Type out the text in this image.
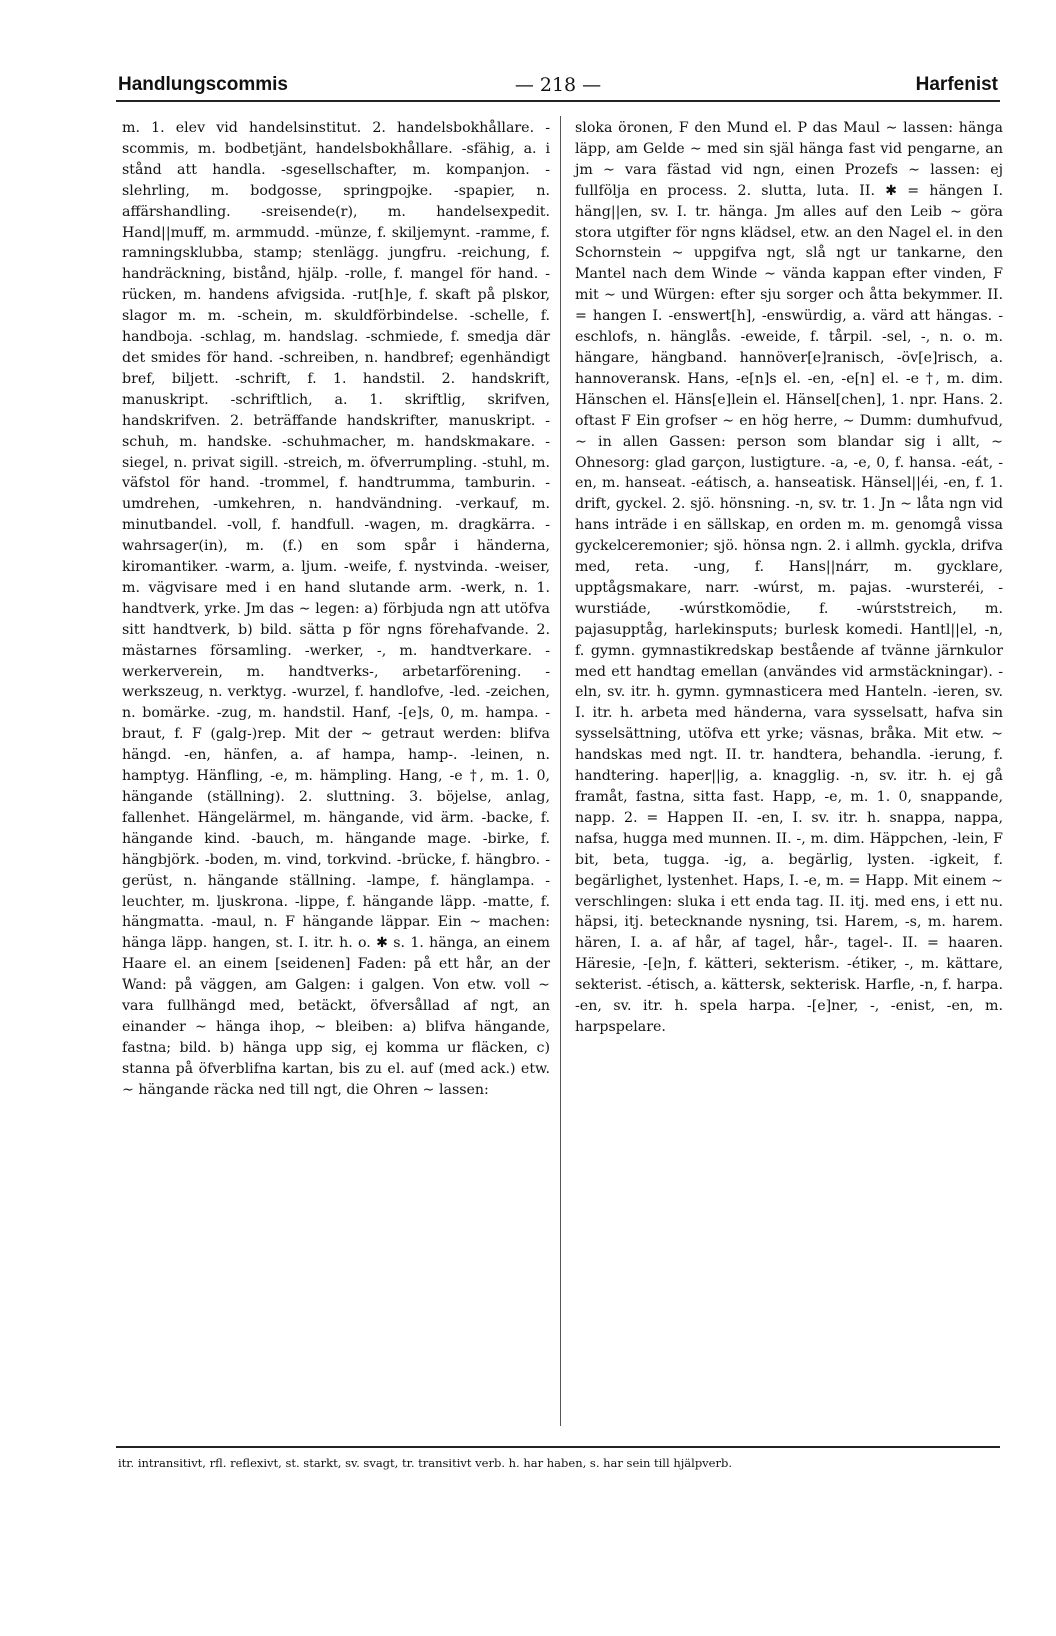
Handlungscommis	— 218 —	Harfenist

m. 1. elev vid handelsinstitut. 2. handelsbokhållare. -scommis, m. bodbetjänt, handelsbokhållare. -sfähig, a. i stånd att handla. -sgesellschafter, m. kompanjon. -slehrling, m. bodgosse, springpojke. -spapier, n. affärshandling. -sreisende(r), m. handelsexpedit. Hand||muff, m. armmudd. -münze, f. skiljemynt. -ramme, f. ramningsklubba, stamp; stenlägg. jungfru. -reichung, f. handräckning, bistånd, hjälp. -rolle, f. mangel för hand. -rücken, m. handens afvigsida. -rut[h]e, f. skaft på plskor, slagor m. m. -schein, m. skuldförbindelse. -schelle, f. handboja. -schlag, m. handslag. -schmiede, f. smedja där det smides för hand. -schreiben, n. handbref; egenhändigt bref, biljett. -schrift, f. 1. handstil. 2. handskrift, manuskript. -schriftlich, a. 1. skriftlig, skrifven, handskrifven. 2. beträffande handskrifter, manuskript. -schuh, m. handske. -schuhmacher, m. handskmakare. -siegel, n. privat sigill. -streich, m. öfverrumpling. -stuhl, m. väfstol för hand. -trommel, f. handtrumma, tamburin. -umdrehen, -umkehren, n. handvändning. -verkauf, m. minutbandel. -voll, f. handfull. -wagen, m. dragkärra. -wahrsager(in), m. (f.) en som spår i händerna, kiromantiker. -warm, a. ljum. -weife, f. nystvinda. -weiser, m. vägvisare med i en hand slutande arm. -werk, n. 1. handtverk, yrke. Jm das ∼ legen: a) förbjuda ngn att utöfva sitt handtverk, b) bild. sätta p för ngns förehafvande. 2. mästarnes församling. -werker, -, m. handtverkare. -werkerverein, m. handtverks-, arbetarförening. -werkszeug, n. verktyg. -wurzel, f. handlofve, -led. -zeichen, n. bomärke. -zug, m. handstil. Hanf, -[e]s, 0, m. hampa. -braut, f. F (galg-)rep. Mit der ∼ getraut werden: blifva hängd. -en, hänfen, a. af hampa, hamp-. -leinen, n. hamptyg. Hänfling, -e, m. hämpling. Hang, -e †, m. 1. 0, hängande (ställning). 2. sluttning. 3. böjelse, anlag, fallenhet. Hängelärmel, m. hängande, vid ärm. -backe, f. hängande kind. -bauch, m. hängande mage. -birke, f. hängbjörk. -boden, m. vind, torkvind. -brücke, f. hängbro. -gerüst, n. hängande ställning. -lampe, f. hänglampa. -leuchter, m. ljuskrona. -lippe, f. hängande läpp. -matte, f. hängmatta. -maul, n. F hängande läppar. Ein ∼ machen: hänga läpp. hangen, st. I. itr. h. o. ✱ s. 1. hänga, an einem Haare el. an einem [seidenen] Faden: på ett hår, an der Wand: på väggen, am Galgen: i galgen. Von etw. voll ∼ vara fullhängd med, betäckt, öfversållad af ngt, an einander ∼ hänga ihop, ∼ bleiben: a) blifva hängande, fastna; bild. b) hänga upp sig, ej komma ur fläcken, c) stanna på öfverblifna kartan, bis zu el. auf (med ack.) etw. ∼ hängande räcka ned till ngt, die Ohren ∼ lassen:

sloka öronen, F den Mund el. P das Maul ∼ lassen: hänga läpp, am Gelde ∼ med sin själ hänga fast vid pengarne, an jm ∼ vara fästad vid ngn, einen Prozefs ∼ lassen: ej fullfölja en process. 2. slutta, luta. II. ✱ = hängen I. häng||en, sv. I. tr. hänga. Jm alles auf den Leib ∼ göra stora utgifter för ngns klädsel, etw. an den Nagel el. in den Schornstein ∼ uppgifva ngt, slå ngt ur tankarne, den Mantel nach dem Winde ∼ vända kappan efter vinden, F mit ∼ und Würgen: efter sju sorger och åtta bekymmer. II. = hangen I. -enswert[h], -enswürdig, a. värd att hängas. -eschlofs, n. hänglås. -eweide, f. tårpil. -sel, -, n. o. m. hängare, hängband. hannöver[e]ranisch, -öv[e]risch, a. hannoveransk. Hans, -e[n]s el. -en, -e[n] el. -e †, m. dim. Hänschen el. Häns[e]lein el. Hänsel[chen], 1. npr. Hans. 2. oftast F Ein grofser ∼ en hög herre, ∼ Dumm: dumhufvud, ∼ in allen Gassen: person som blandar sig i allt, ∼ Ohnesorg: glad garçon, lustigture. -a, -e, 0, f. hansa. -eát, -en, m. hanseat. -eátisch, a. hanseatisk. Hänsel||éi, -en, f. 1. drift, gyckel. 2. sjö. hönsning. -n, sv. tr. 1. Jn ∼ låta ngn vid hans inträde i en sällskap, en orden m. m. genomgå vissa gyckelceremonier; sjö. hönsa ngn. 2. i allmh. gyckla, drifva med, reta. -ung, f. Hans||nárr, m. gycklare, upptågsmakare, narr. -wúrst, m. pajas. -wursteréi, -wurstiáde, -wúrstkomödie, f. -wúrststreich, m. pajasupptåg, harlekinsputs; burlesk komedi. Hantl||el, -n, f. gymn. gymnastikredskap bestående af tvänne järnkulor med ett handtag emellan (användes vid armstäckningar). -eln, sv. itr. h. gymn. gymnasticera med Hanteln. -ieren, sv. I. itr. h. arbeta med händerna, vara sysselsatt, hafva sin sysselsättning, utöfva ett yrke; väsnas, bråka. Mit etw. ∼ handskas med ngt. II. tr. handtera, behandla. -ierung, f. handtering. haper||ig, a. knagglig. -n, sv. itr. h. ej gå framåt, fastna, sitta fast. Happ, -e, m. 1. 0, snappande, napp. 2. = Happen II. -en, I. sv. itr. h. snappa, nappa, nafsa, hugga med munnen. II. -, m. dim. Häppchen, -lein, F bit, beta, tugga. -ig, a. begärlig, lysten. -igkeit, f. begärlighet, lystenhet. Haps, I. -e, m. = Happ. Mit einem ∼ verschlingen: sluka i ett enda tag. II. itj. med ens, i ett nu. häpsi, itj. betecknande nysning, tsi. Harem, -s, m. harem. hären, I. a. af hår, af tagel, hår-, tagel-. II. = haaren. Häresie, -[e]n, f. kätteri, sekterism. -étiker, -, m. kättare, sekterist. -étisch, a. kättersk, sekterisk. Harfle, -n, f. harpa. -en, sv. itr. h. spela harpa. -[e]ner, -, -enist, -en, m. harpspelare.

itr. intransitivt, rfl. reflexivt, st. starkt, sv. svagt, tr. transitivt verb. h. har haben, s. har sein till hjälpverb.
